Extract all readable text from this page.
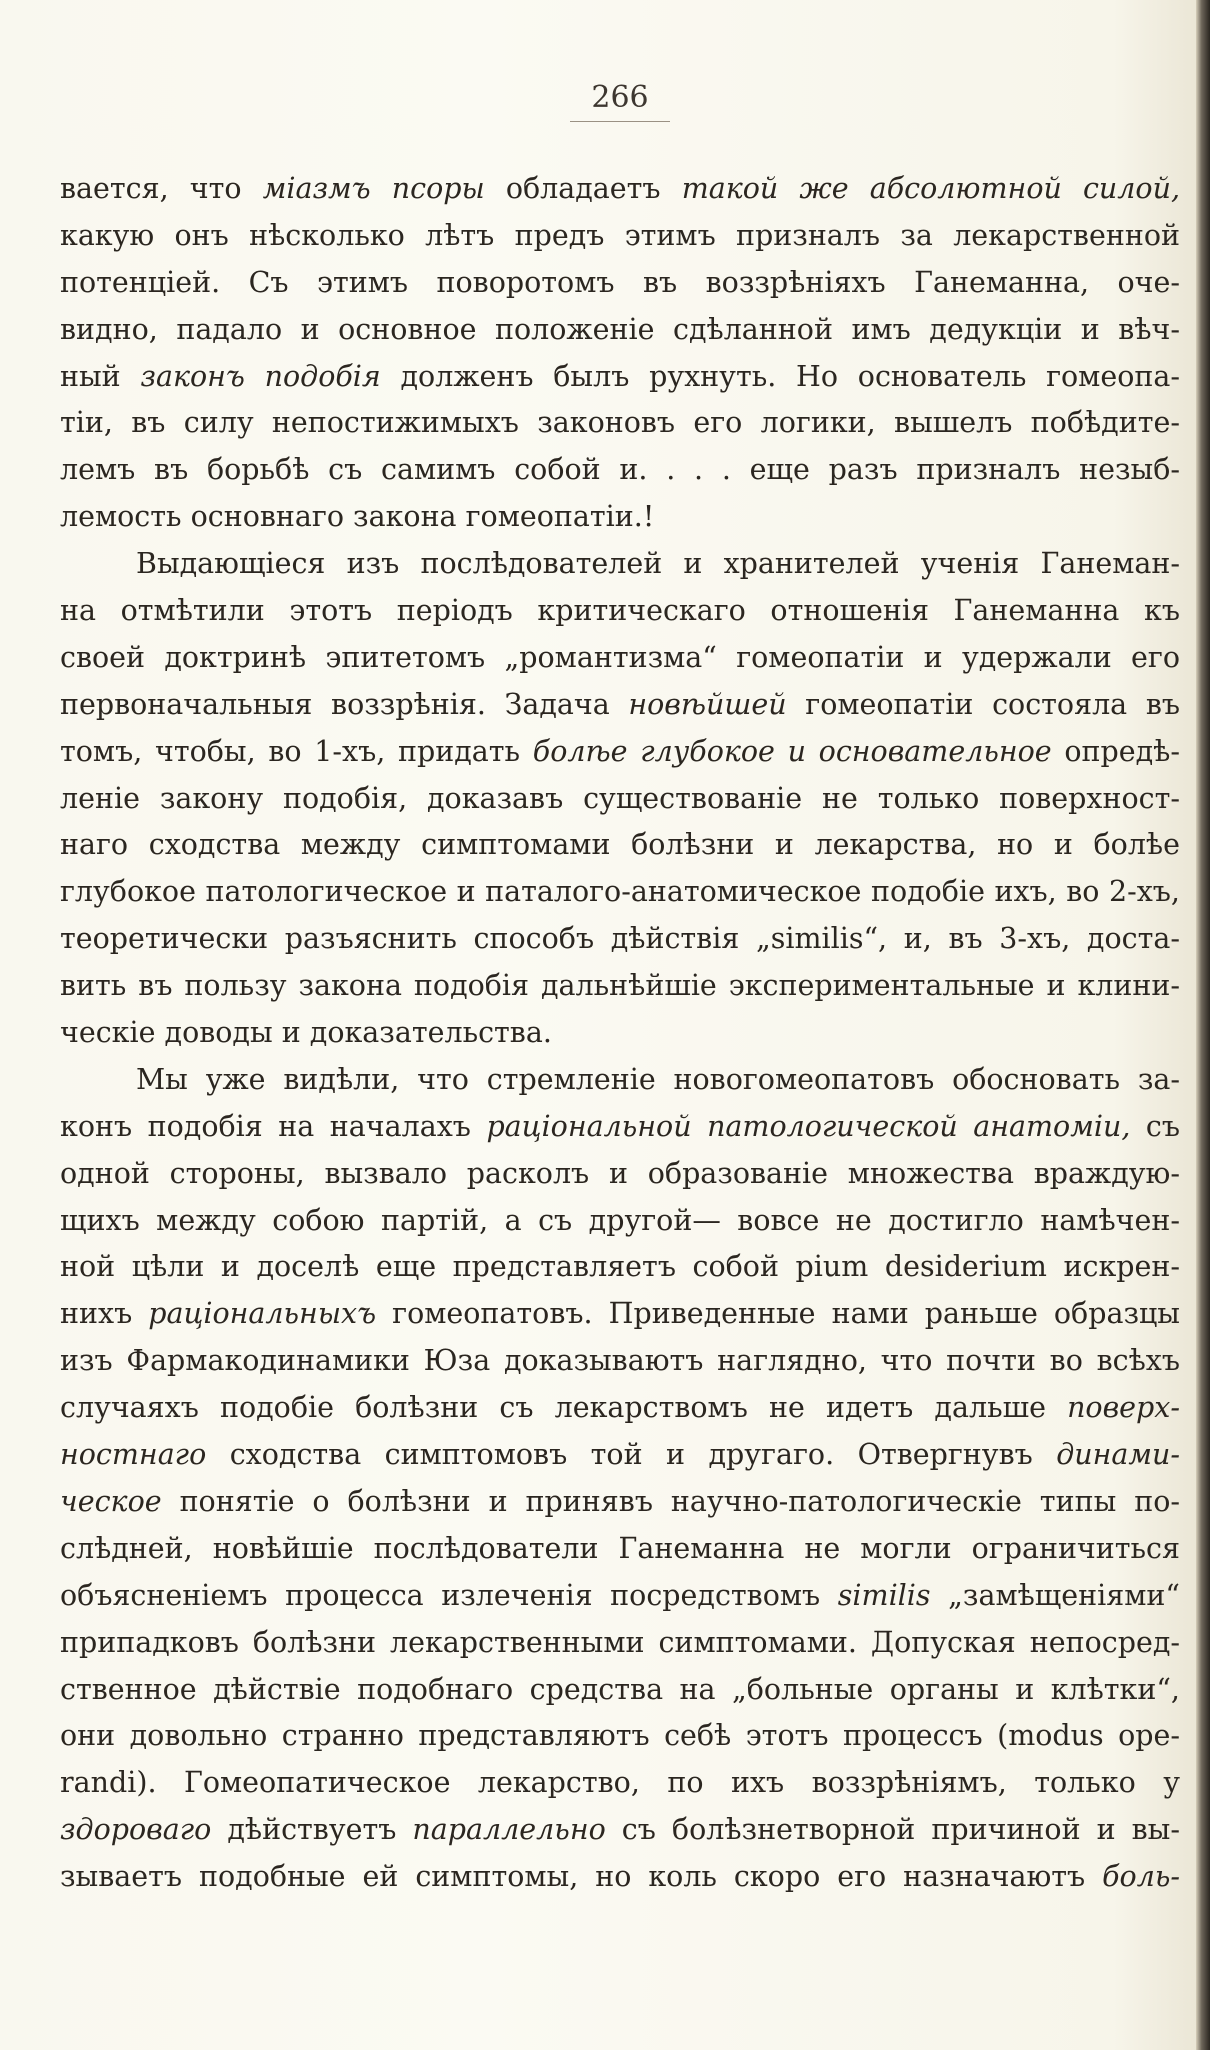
266
вается, что міазмъ псоры обладаетъ такой же абсолютной силой,
какую онъ нѣсколько лѣтъ предъ этимъ призналъ за лекарственной
потенціей. Съ этимъ поворотомъ въ воззрѣніяхъ Ганеманна, оче-
видно, падало и основное положеніе сдѣланной имъ дедукціи и вѣч-
ный законъ подобія долженъ былъ рухнуть. Но основатель гомеопа-
тіи, въ силу непостижимыхъ законовъ его логики, вышелъ побѣдите-
лемъ въ борьбѣ съ самимъ собой и. . . . еще разъ призналъ незыб-
лемость основнаго закона гомеопатіи.!
Выдающіеся изъ послѣдователей и хранителей ученія Ганеман-
на отмѣтили этотъ періодъ критическаго отношенія Ганеманна къ
своей доктринѣ эпитетомъ „романтизма“ гомеопатіи и удержали его
первоначальныя воззрѣнія. Задача новѣйшей гомеопатіи состояла въ
томъ, чтобы, во 1-хъ, придать болѣе глубокое и основательное опредѣ-
леніе закону подобія, доказавъ существованіе не только поверхност-
наго сходства между симптомами болѣзни и лекарства, но и болѣе
глубокое патологическое и паталого-анатомическое подобіе ихъ, во 2-хъ,
теоретически разъяснить способъ дѣйствія „similis“, и, въ 3-хъ, доста-
вить въ пользу закона подобія дальнѣйшіе экспериментальные и клини-
ческіе доводы и доказательства.
Мы уже видѣли, что стремленіе новогомеопатовъ обосновать за-
конъ подобія на началахъ раціональной патологической анатоміи, съ
одной стороны, вызвало расколъ и образованіе множества враждую-
щихъ между собою партій, а съ другой— вовсе не достигло намѣчен-
ной цѣли и доселѣ еще представляетъ собой pium desiderium искрен-
нихъ раціональныхъ гомеопатовъ. Приведенные нами раньше образцы
изъ Фармакодинамики Юза доказываютъ наглядно, что почти во всѣхъ
случаяхъ подобіе болѣзни съ лекарствомъ не идетъ дальше поверх-
ностнаго сходства симптомовъ той и другаго. Отвергнувъ динами-
ческое понятіе о болѣзни и принявъ научно-патологическіе типы по-
слѣдней, новѣйшіе послѣдователи Ганеманна не могли ограничиться
объясненіемъ процесса излеченія посредствомъ similis „замѣщеніями“
припадковъ болѣзни лекарственными симптомами. Допуская непосред-
ственное дѣйствіе подобнаго средства на „больные органы и клѣтки“,
они довольно странно представляютъ себѣ этотъ процессъ (modus ope-
randi). Гомеопатическое лекарство, по ихъ воззрѣніямъ, только у
здороваго дѣйствуетъ параллельно съ болѣзнетворной причиной и вы-
зываетъ подобные ей симптомы, но коль скоро его назначаютъ боль-
